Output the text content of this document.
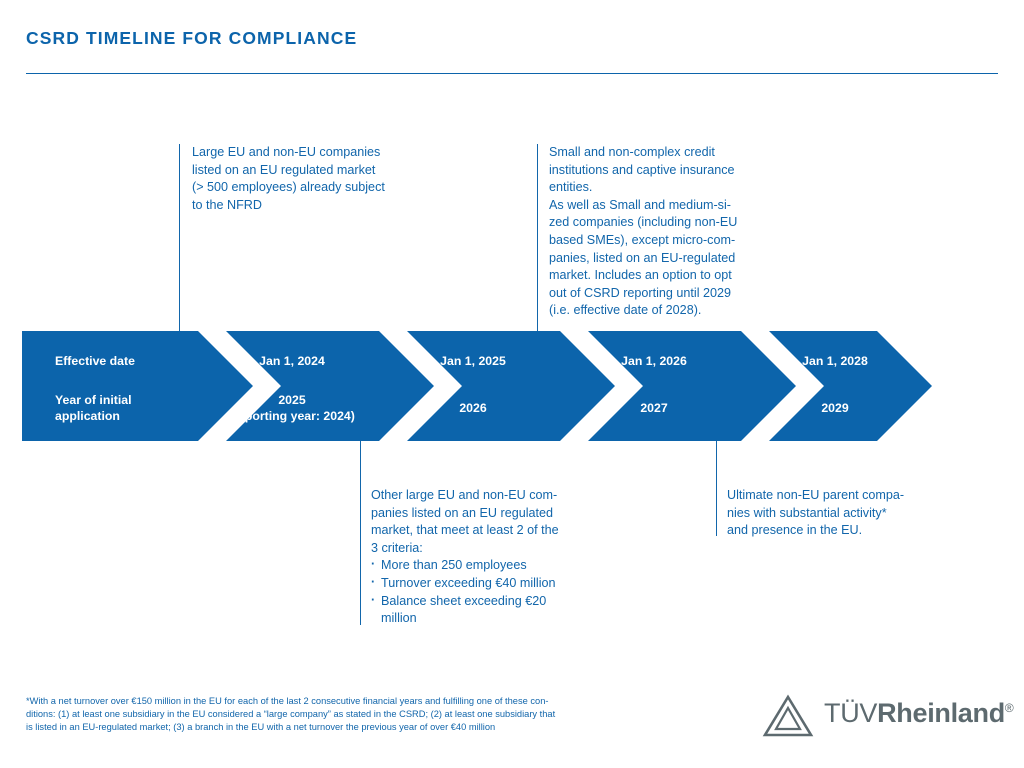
CSRD TIMELINE FOR COMPLIANCE
Large EU and non-EU companies
listed on an EU regulated market
(> 500 employees) already subject
to the NFRD
Small and non-complex credit
institutions and captive insurance
entities.
As well as Small and medium-si-
zed companies (including non-EU
based SMEs), except micro-com-
panies, listed on an EU-regulated
market. Includes an option to opt
out of CSRD reporting until 2029
(i.e. effective date of 2028).
Effective date
Year of initial
application
Jan 1, 2024
2025
(reporting year: 2024)
Jan 1, 2025
2026
Jan 1, 2026
2027
Jan 1, 2028
2029
Other large EU and non-EU com-
panies listed on an EU regulated
market, that meet at least 2 of the
3 criteria:
· More than 250 employees
· Turnover exceeding €40 million
· Balance sheet exceeding €20
million
Ultimate non-EU parent compa-
nies with substantial activity*
and presence in the EU.
*With a net turnover over €150 million in the EU for each of the last 2 consecutive financial years and fulfilling one of these con-
ditions: (1) at least one subsidiary in the EU considered a “large company” as stated in the CSRD; (2) at least one subsidiary that
is listed in an EU-regulated market; (3) a branch in the EU with a net turnover the previous year of over €40 million	TÜVRheinland®
